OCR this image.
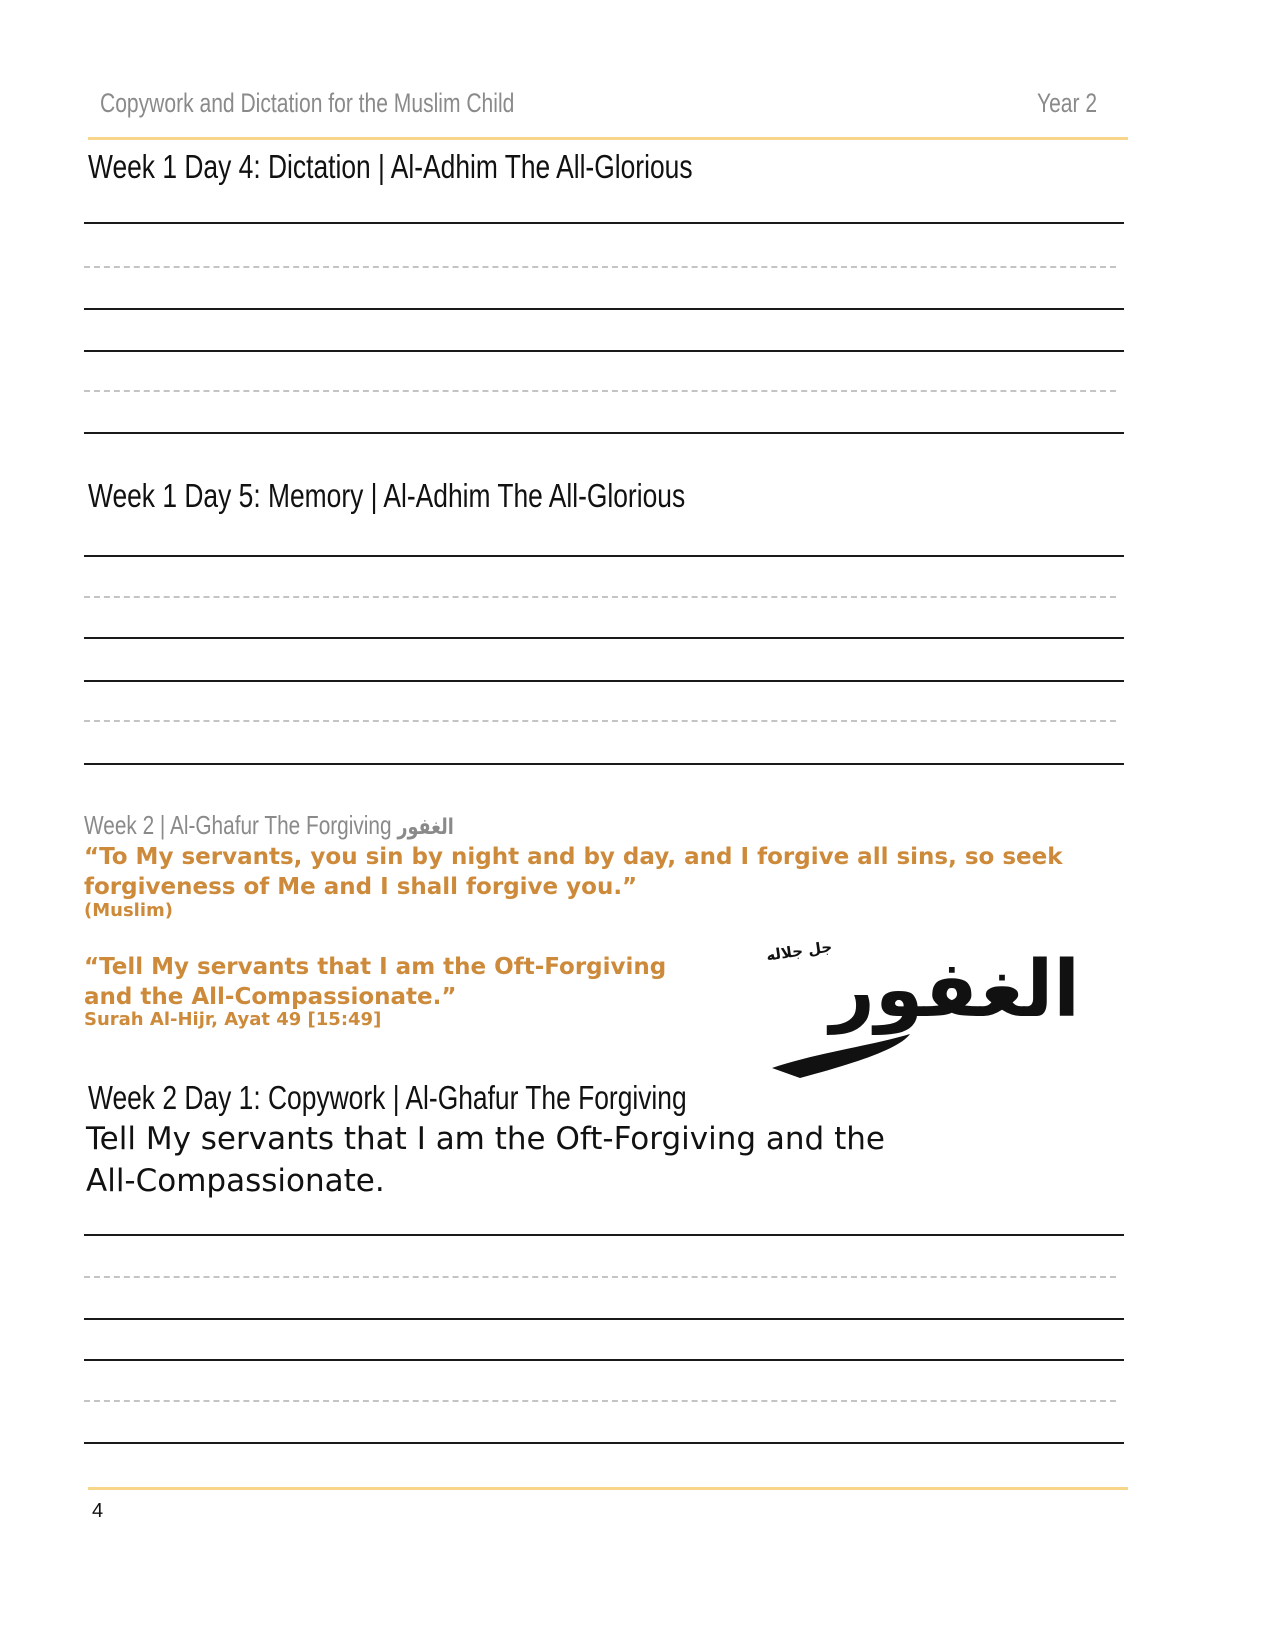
Copywork and Dictation for the Muslim Child	Year 2
Week 1 Day 4: Dictation | Al-Adhim The All-Glorious
Week 1 Day 5: Memory | Al-Adhim The All-Glorious
Week 2 | Al-Ghafur The Forgiving الغفور
“To My servants, you sin by night and by day, and I forgive all sins, so seek forgiveness of Me and I shall forgive you.”
(Muslim)
“Tell My servants that I am the Oft-Forgiving
and the All-Compassionate.”
Surah Al-Hijr, Ayat 49 [15:49]	الغفور
جل جلاله
Week 2 Day 1: Copywork | Al-Ghafur The Forgiving
Tell My servants that I am the Oft-Forgiving and the
All-Compassionate.
4
